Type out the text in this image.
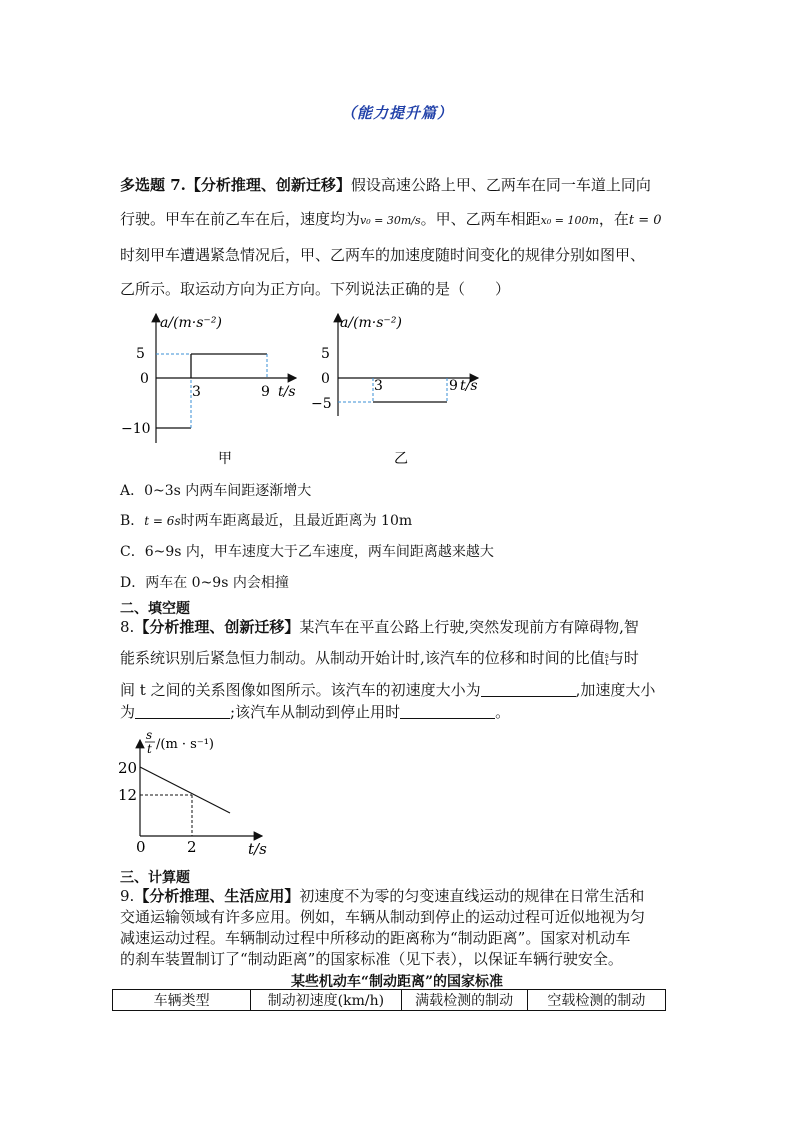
（能力提升篇）
多选题 7.【分析推理、创新迁移】假设高速公路上甲、乙两车在同一车道上同向
行驶。甲车在前乙车在后，速度均为v₀ = 30m/s。甲、乙两车相距x₀ = 100m，在t = 0
时刻甲车遭遇紧急情况后，甲、乙两车的加速度随时间变化的规律分别如图甲、
乙所示。取运动方向为正方向。下列说法正确的是（　　）
a/(m·s⁻²)
5
0
−10
3	9 t/s
甲
a/(m·s⁻²)
5
0
−5
3	9 t/s
乙
A．0~3s 内两车间距逐渐增大
B．t = 6s时两车距离最近，且最近距离为 10m
C．6~9s 内，甲车速度大于乙车速度，两车间距离越来越大
D．两车在 0~9s 内会相撞
二、填空题
8.【分析推理、创新迁移】某汽车在平直公路上行驶,突然发现前方有障碍物,智
能系统识别后紧急恒力制动。从制动开始计时,该汽车的位移和时间的比值s
t与时
间 t 之间的关系图像如图所示。该汽车的初速度大小为	,加速度大小
为	;该汽车从制动到停止用时	。
s
t /(m · s⁻¹)
20
12
0	2	t/s
三、计算题
9.【分析推理、生活应用】初速度不为零的匀变速直线运动的规律在日常生活和
交通运输领域有许多应用。例如，车辆从制动到停止的运动过程可近似地视为匀
减速运动过程。车辆制动过程中所移动的距离称为“制动距离”。国家对机动车
的刹车装置制订了“制动距离”的国家标准（见下表），以保证车辆行驶安全。
某些机动车“制动距离”的国家标准
车辆类型	制动初速度(km/h)	满载检测的制动	空载检测的制动
